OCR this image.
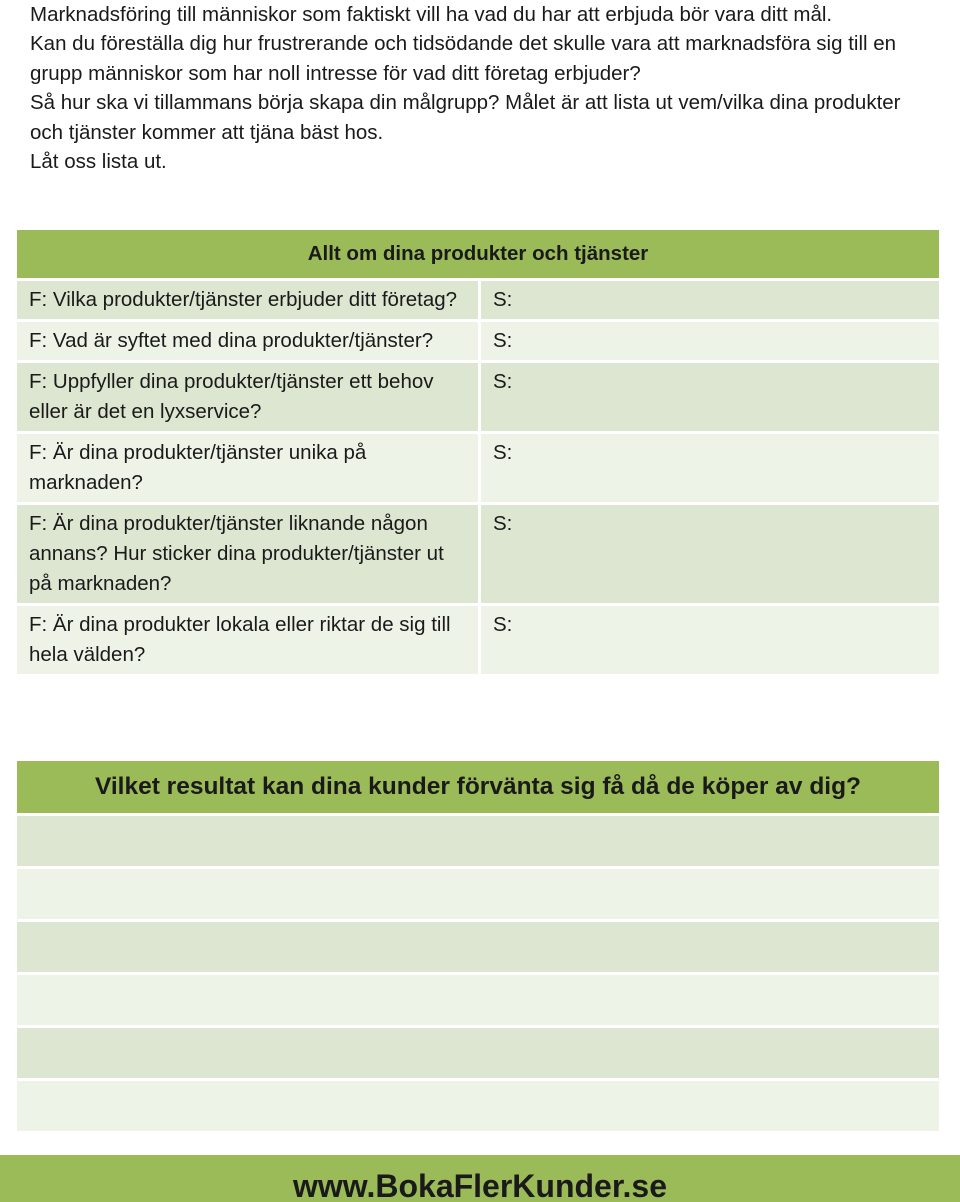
Marknadsföring till människor som faktiskt vill ha vad du har att erbjuda bör vara ditt mål.

Kan du föreställa dig hur frustrerande och tidsödande det skulle vara att marknadsföra sig till en grupp människor som har noll intresse för vad ditt företag erbjuder?

Så hur ska vi tillammans börja skapa din målgrupp? Målet är att lista ut vem/vilka dina produkter och tjänster kommer att tjäna bäst hos.

Låt oss lista ut.

Allt om dina produkter och tjänster	
F: Vilka produkter/tjänster erbjuder ditt företag?	S:
F: Vad är syftet med dina produkter/tjänster?	S:
F: Uppfyller dina produkter/tjänster ett behov eller är det en lyxservice?	S:
F: Är dina produkter/tjänster unika på marknaden?	S:
F: Är dina produkter/tjänster liknande någon annans? Hur sticker dina produkter/tjänster ut på marknaden?	S:
F: Är dina produkter lokala eller riktar de sig till hela välden?	S:
Vilket resultat kan dina kunder förvänta sig få då de köper av dig?
www.BokaFlerKunder.se
